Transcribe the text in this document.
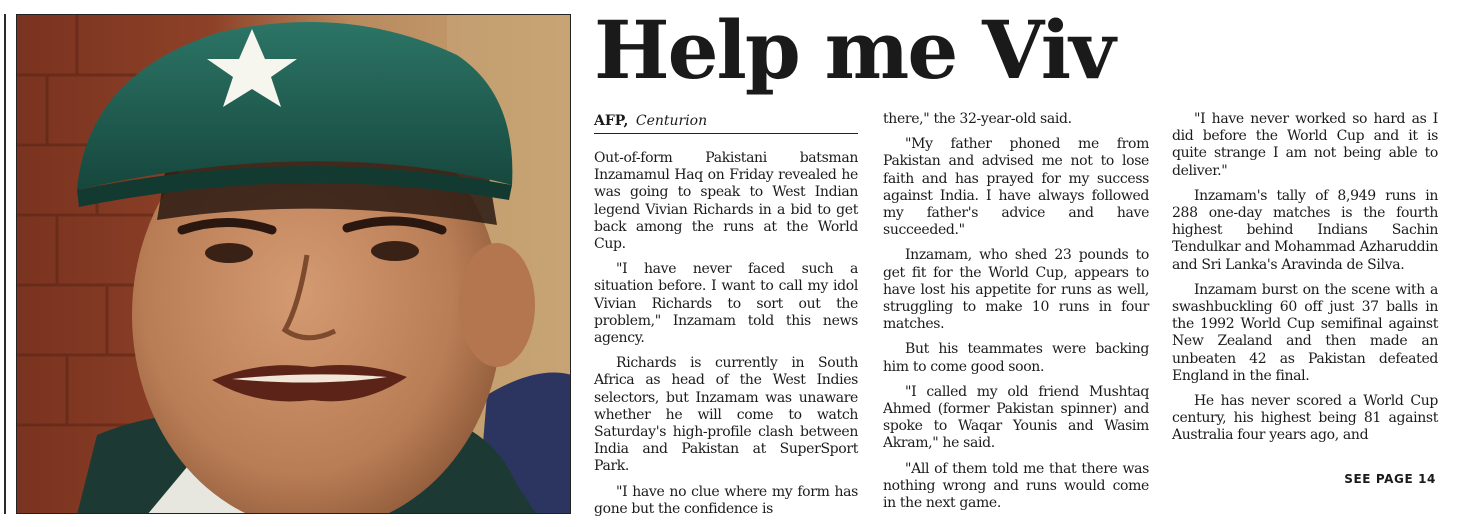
Help me Viv
AFP, Centurion

Out-of-form Pakistani batsman Inzamamul Haq on Friday revealed he was going to speak to West Indian legend Vivian Richards in a bid to get back among the runs at the World Cup.

"I have never faced such a situation before. I want to call my idol Vivian Richards to sort out the problem," Inzamam told this news agency.

Richards is currently in South Africa as head of the West Indies selectors, but Inzamam was unaware whether he will come to watch Saturday's high-profile clash between India and Pakistan at SuperSport Park.

"I have no clue where my form has gone but the confidence is

there," the 32-year-old said.

"My father phoned me from Pakistan and advised me not to lose faith and has prayed for my success against India. I have always followed my father's advice and have succeeded."

Inzamam, who shed 23 pounds to get fit for the World Cup, appears to have lost his appetite for runs as well, struggling to make 10 runs in four matches.

But his teammates were backing him to come good soon.

"I called my old friend Mushtaq Ahmed (former Pakistan spinner) and spoke to Waqar Younis and Wasim Akram," he said.

"All of them told me that there was nothing wrong and runs would come in the next game.

"I have never worked so hard as I did before the World Cup and it is quite strange I am not being able to deliver."

Inzamam's tally of 8,949 runs in 288 one-day matches is the fourth highest behind Indians Sachin Tendulkar and Mohammad Azharuddin and Sri Lanka's Aravinda de Silva.

Inzamam burst on the scene with a swashbuckling 60 off just 37 balls in the 1992 World Cup semifinal against New Zealand and then made an unbeaten 42 as Pakistan defeated England in the final.

He has never scored a World Cup century, his highest being 81 against Australia four years ago, and

SEE PAGE 14
